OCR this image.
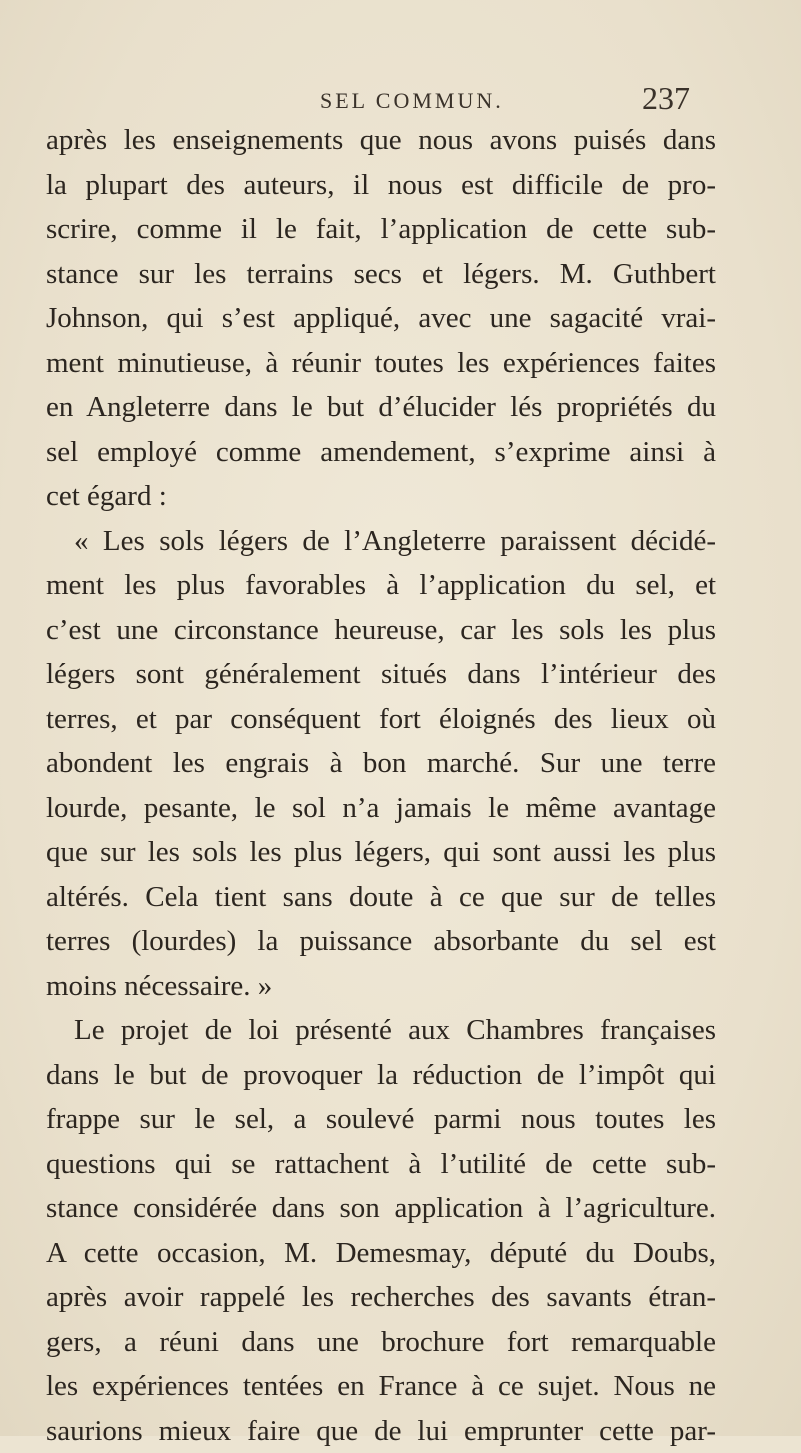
SEL COMMUN.	237
après les enseignements que nous avons puisés dans
la plupart des auteurs, il nous est difficile de pro-
scrire, comme il le fait, l’application de cette sub-
stance sur les terrains secs et légers. M. Guthbert
Johnson, qui s’est appliqué, avec une sagacité vrai-
ment minutieuse, à réunir toutes les expériences faites
en Angleterre dans le but d’élucider lés propriétés du
sel employé comme amendement, s’exprime ainsi à
cet égard :
« Les sols légers de l’Angleterre paraissent décidé-
ment les plus favorables à l’application du sel, et
c’est une circonstance heureuse, car les sols les plus
légers sont généralement situés dans l’intérieur des
terres, et par conséquent fort éloignés des lieux où
abondent les engrais à bon marché. Sur une terre
lourde, pesante, le sol n’a jamais le même avantage
que sur les sols les plus légers, qui sont aussi les plus
altérés. Cela tient sans doute à ce que sur de telles
terres (lourdes) la puissance absorbante du sel est
moins nécessaire. »
Le projet de loi présenté aux Chambres françaises
dans le but de provoquer la réduction de l’impôt qui
frappe sur le sel, a soulevé parmi nous toutes les
questions qui se rattachent à l’utilité de cette sub-
stance considérée dans son application à l’agriculture.
A cette occasion, M. Demesmay, député du Doubs,
après avoir rappelé les recherches des savants étran-
gers, a réuni dans une brochure fort remarquable
les expériences tentées en France à ce sujet. Nous ne
saurions mieux faire que de lui emprunter cette par-
